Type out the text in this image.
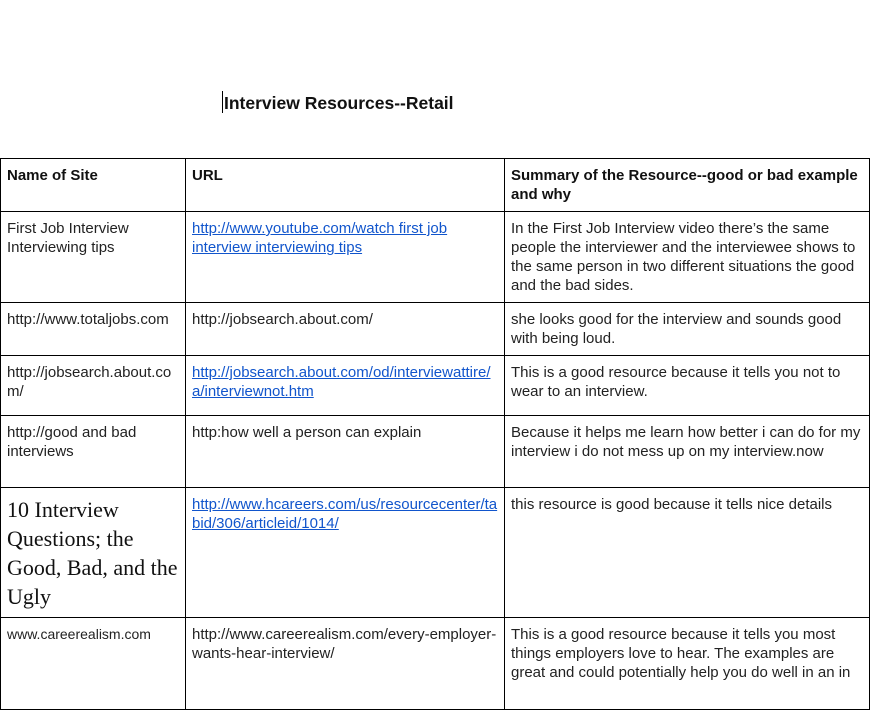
Interview Resources--Retail
Name of Site	URL	Summary of the Resource--good or bad example and why
First Job Interview Interviewing tips	http://www.youtube.com/watch first job interview interviewing tips	In the First Job Interview video there’s the same people the interviewer and the interviewee shows to the same person in two different situations the good and the bad sides.
http://www.totaljobs.com	http://jobsearch.about.com/	she looks good for the interview and sounds good with being loud.
http://jobsearch.about.com/	http://jobsearch.about.com/od/interviewattire/a/interviewnot.htm	This is a good resource because it tells you not to wear to an interview.
http://good and bad interviews	http:how well a person can explain	Because it helps me learn how better i can do for my interview i do not mess up on my interview.now
10 Interview Questions; the Good, Bad, and the Ugly	http://www.hcareers.com/us/resourcecenter/tabid/306/articleid/1014/	this resource is good because it tells nice details
www.careerealism.com	http://www.careerealism.com/every-employer-wants-hear-interview/	This is a good resource because it tells you most things employers love to hear. The examples are great and could potentially help you do well in an in
